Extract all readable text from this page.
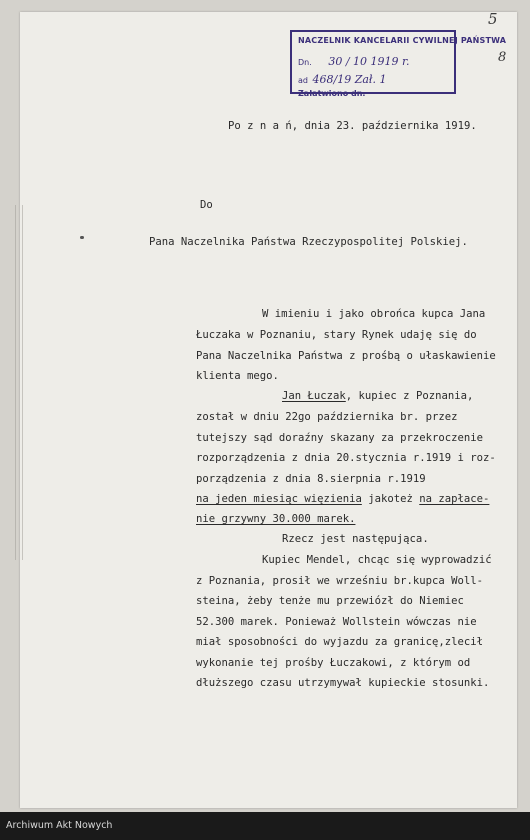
NACZELNIK KANCELARII CYWILNEJ PAŃSTWA
Dn. 30 / 10 1919 r.
ad 468/19 Zał. 1
Załatwiono dn.
5
8
Po z n a ń, dnia 23. października 1919.
Do
Pana Naczelnika Państwa Rzeczypospolitej Polskiej.
W imieniu i jako obrońca kupca Jana
Łuczaka w Poznaniu, stary Rynek udaję się do
Pana Naczelnika Państwa z prośbą o ułaskawienie
klienta mego.
Jan Łuczak, kupiec z Poznania,
został w dniu 22go października br. przez
tutejszy sąd doraźny skazany za przekroczenie
rozporządzenia z dnia 20.stycznia r.1919 i roz-
porządzenia z dnia 8.sierpnia r.1919
na jeden miesiąc więzienia jakoteż na zapłace-
nie grzywny 30.000 marek.
Rzecz jest następująca.
Kupiec Mendel, chcąc się wyprowadzić
z Poznania, prosił we wrześniu br.kupca Woll-
steina, żeby tenże mu przewiózł do Niemiec
52.300 marek. Ponieważ Wollstein wówczas nie
miał sposobności do wyjazdu za granicę,zlecił
wykonanie tej prośby Łuczakowi, z którym od
dłuższego czasu utrzymywał kupieckie stosunki.
Archiwum Akt Nowych
